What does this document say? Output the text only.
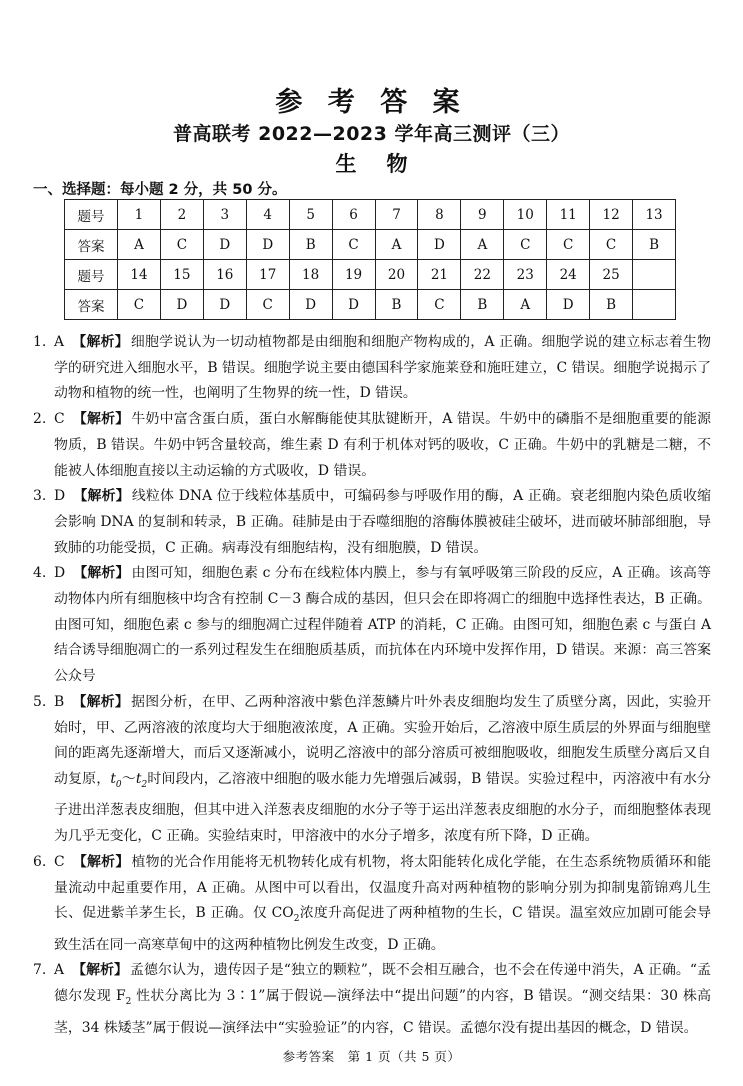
参 考 答 案
普高联考 2022—2023 学年高三测评（三）
生物
一、选择题：每小题 2 分，共 50 分。
题号	1	2	3	4	5	6	7	8	9	10	11	12	13
答案	A	C	D	D	B	C	A	D	A	C	C	C	B
题号	14	15	16	17	18	19	20	21	22	23	24	25	
答案	C	D	D	C	D	D	B	C	B	A	D	B	
1. A 【解析】 细胞学说认为一切动植物都是由细胞和细胞产物构成的，A 正确。细胞学说的建立标志着生物学的研究进入细胞水平，B 错误。细胞学说主要由德国科学家施莱登和施旺建立，C 错误。细胞学说揭示了动物和植物的统一性，也阐明了生物界的统一性，D 错误。
2. C 【解析】 牛奶中富含蛋白质，蛋白水解酶能使其肽键断开，A 错误。牛奶中的磷脂不是细胞重要的能源物质，B 错误。牛奶中钙含量较高，维生素 D 有利于机体对钙的吸收，C 正确。牛奶中的乳糖是二糖，不能被人体细胞直接以主动运输的方式吸收，D 错误。
3. D 【解析】 线粒体 DNA 位于线粒体基质中，可编码参与呼吸作用的酶，A 正确。衰老细胞内染色质收缩会影响 DNA 的复制和转录，B 正确。硅肺是由于吞噬细胞的溶酶体膜被硅尘破坏，进而破坏肺部细胞，导致肺的功能受损，C 正确。病毒没有细胞结构，没有细胞膜，D 错误。
4. D 【解析】 由图可知，细胞色素 c 分布在线粒体内膜上，参与有氧呼吸第三阶段的反应，A 正确。该高等动物体内所有细胞核中均含有控制 C－3 酶合成的基因，但只会在即将凋亡的细胞中选择性表达，B 正确。由图可知，细胞色素 c 参与的细胞凋亡过程伴随着 ATP 的消耗，C 正确。由图可知，细胞色素 c 与蛋白 A 结合诱导细胞凋亡的一系列过程发生在细胞质基质，而抗体在内环境中发挥作用，D 错误。来源：高三答案公众号
5. B 【解析】 据图分析，在甲、乙两种溶液中紫色洋葱鳞片叶外表皮细胞均发生了质壁分离，因此，实验开始时，甲、乙两溶液的浓度均大于细胞液浓度，A 正确。实验开始后，乙溶液中原生质层的外界面与细胞壁间的距离先逐渐增大，而后又逐渐减小，说明乙溶液中的部分溶质可被细胞吸收，细胞发生质壁分离后又自动复原，$t_0\sim t_2$时间段内，乙溶液中细胞的吸水能力先增强后减弱，B 错误。实验过程中，丙溶液中有水分子进出洋葱表皮细胞，但其中进入洋葱表皮细胞的水分子等于运出洋葱表皮细胞的水分子，而细胞整体表现为几乎无变化，C 正确。实验结束时，甲溶液中的水分子增多，浓度有所下降，D 正确。
6. C 【解析】 植物的光合作用能将无机物转化成有机物，将太阳能转化成化学能，在生态系统物质循环和能量流动中起重要作用，A 正确。从图中可以看出，仅温度升高对两种植物的影响分别为抑制鬼箭锦鸡儿生长、促进紫羊茅生长，B 正确。仅 $CO_2$浓度升高促进了两种植物的生长，C 错误。温室效应加剧可能会导致生活在同一高寒草甸中的这两种植物比例发生改变，D 正确。
7. A 【解析】 孟德尔认为，遗传因子是“独立的颗粒”，既不会相互融合，也不会在传递中消失，A 正确。“孟德尔发现 $F_2$ 性状分离比为 3∶1”属于假说—演绎法中“提出问题”的内容，B 错误。“测交结果：30 株高茎，34 株矮茎”属于假说—演绎法中“实验验证”的内容，C 错误。孟德尔没有提出基因的概念，D 错误。
参考答案　第 1 页（共 5 页）
